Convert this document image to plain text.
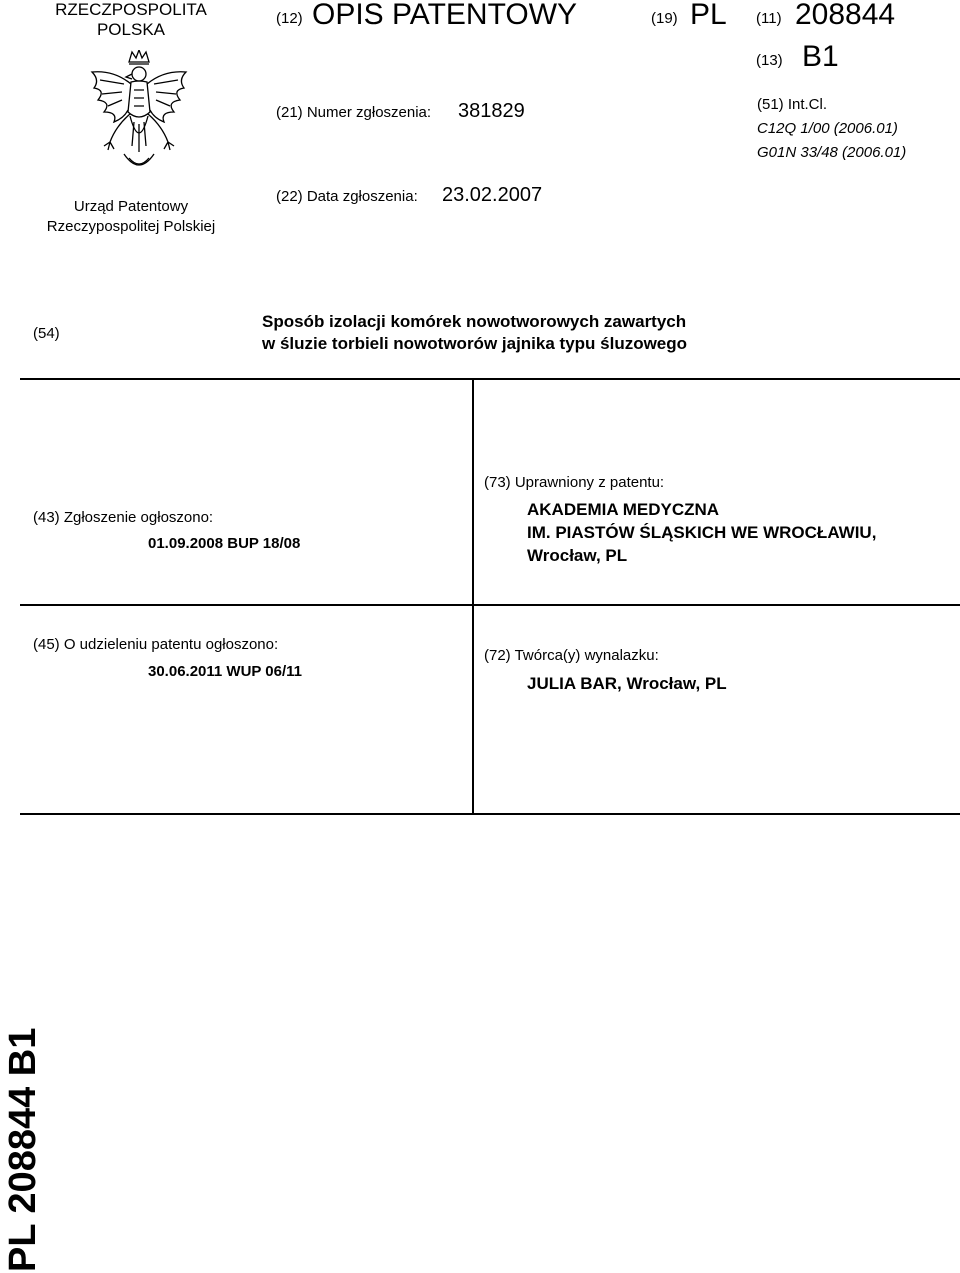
RZECZPOSPOLITA
POLSKA
Urząd Patentowy
Rzeczypospolitej Polskiej
(12) OPIS PATENTOWY	(19) PL
(21) Numer zgłoszenia: 381829
(22) Data zgłoszenia: 23.02.2007
(11) 208844
(13) B1
(51) Int.Cl.
C12Q 1/00 (2006.01)
G01N 33/48 (2006.01)
(54)
Sposób izolacji komórek nowotworowych zawartych
w śluzie torbieli nowotworów jajnika typu śluzowego
(43) Zgłoszenie ogłoszono:
01.09.2008 BUP 18/08
(73) Uprawniony z patentu:
AKADEMIA MEDYCZNA
IM. PIASTÓW ŚLĄSKICH WE WROCŁAWIU,
Wrocław, PL
(45) O udzieleniu patentu ogłoszono:
30.06.2011 WUP 06/11
(72) Twórca(y) wynalazku:
JULIA BAR, Wrocław, PL
PL 208844 B1
